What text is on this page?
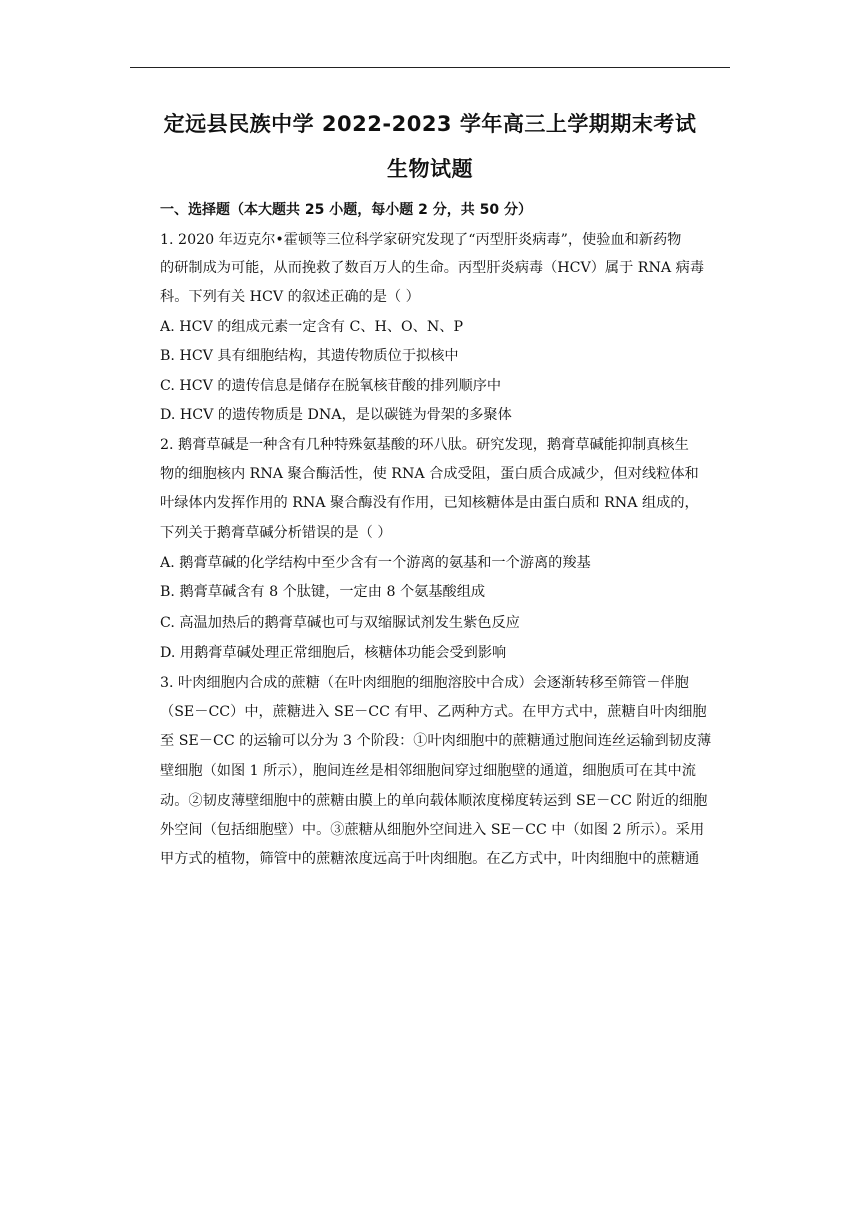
定远县民族中学 2022-2023 学年高三上学期期末考试
生物试题
一、选择题（本大题共 25 小题，每小题 2 分，共 50 分）
1. 2020 年迈克尔•霍顿等三位科学家研究发现了“丙型肝炎病毒”，使验血和新药物
的研制成为可能，从而挽救了数百万人的生命。丙型肝炎病毒（HCV）属于 RNA 病毒
科。下列有关 HCV 的叙述正确的是（ ）
A. HCV 的组成元素一定含有 C、H、O、N、P
B. HCV 具有细胞结构，其遗传物质位于拟核中
C. HCV 的遗传信息是储存在脱氧核苷酸的排列顺序中
D. HCV 的遗传物质是 DNA，是以碳链为骨架的多聚体
2. 鹅膏草碱是一种含有几种特殊氨基酸的环八肽。研究发现，鹅膏草碱能抑制真核生
物的细胞核内 RNA 聚合酶活性，使 RNA 合成受阻，蛋白质合成减少，但对线粒体和
叶绿体内发挥作用的 RNA 聚合酶没有作用，已知核糖体是由蛋白质和 RNA 组成的，
下列关于鹅膏草碱分析错误的是（ ）
A. 鹅膏草碱的化学结构中至少含有一个游离的氨基和一个游离的羧基
B. 鹅膏草碱含有 8 个肽键，一定由 8 个氨基酸组成
C. 高温加热后的鹅膏草碱也可与双缩脲试剂发生紫色反应
D. 用鹅膏草碱处理正常细胞后，核糖体功能会受到影响
3. 叶肉细胞内合成的蔗糖（在叶肉细胞的细胞溶胶中合成）会逐渐转移至筛管－伴胞
（SE－CC）中，蔗糖进入 SE－CC 有甲、乙两种方式。在甲方式中，蔗糖自叶肉细胞
至 SE－CC 的运输可以分为 3 个阶段：①叶肉细胞中的蔗糖通过胞间连丝运输到韧皮薄
壁细胞（如图 1 所示），胞间连丝是相邻细胞间穿过细胞壁的通道，细胞质可在其中流
动。②韧皮薄壁细胞中的蔗糖由膜上的单向载体顺浓度梯度转运到 SE－CC 附近的细胞
外空间（包括细胞壁）中。③蔗糖从细胞外空间进入 SE－CC 中（如图 2 所示）。采用
甲方式的植物，筛管中的蔗糖浓度远高于叶肉细胞。在乙方式中，叶肉细胞中的蔗糖通
